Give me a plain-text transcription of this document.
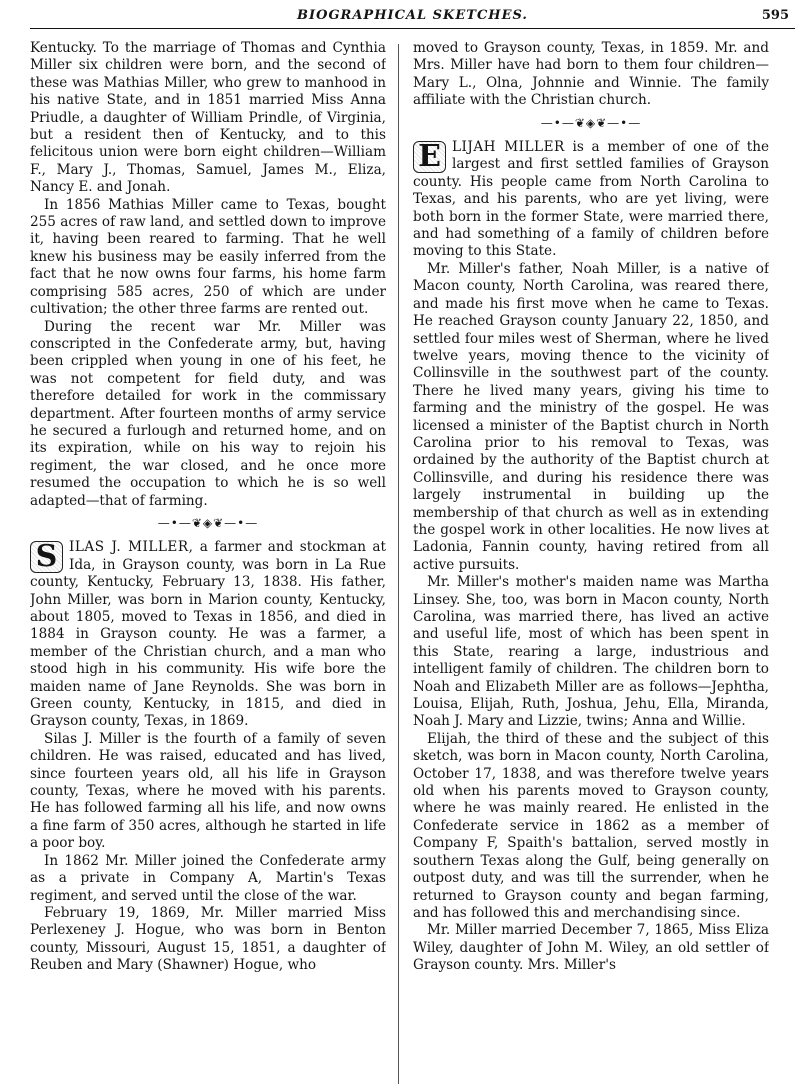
BIOGRAPHICAL SKETCHES.	595

Kentucky. To the marriage of Thomas and Cynthia Miller six children were born, and the second of these was Mathias Miller, who grew to manhood in his native State, and in 1851 married Miss Anna Priudle, a daughter of William Prindle, of Virginia, but a resident then of Kentucky, and to this felicitous union were born eight children—William F., Mary J., Thomas, Samuel, James M., Eliza, Nancy E. and Jonah.

In 1856 Mathias Miller came to Texas, bought 255 acres of raw land, and settled down to improve it, having been reared to farming. That he well knew his business may be easily inferred from the fact that he now owns four farms, his home farm comprising 585 acres, 250 of which are under cultivation; the other three farms are rented out.

During the recent war Mr. Miller was conscripted in the Confederate army, but, having been crippled when young in one of his feet, he was not competent for field duty, and was therefore detailed for work in the commissary department. After fourteen months of army service he secured a furlough and returned home, and on its expiration, while on his way to rejoin his regiment, the war closed, and he once more resumed the occupation to which he is so well adapted—that of farming.

—•—❦◈❦—•—

S ILAS J. MILLER, a farmer and stockman at Ida, in Grayson county, was born in La Rue county, Kentucky, February 13, 1838. His father, John Miller, was born in Marion county, Kentucky, about 1805, moved to Texas in 1856, and died in 1884 in Grayson county. He was a farmer, a member of the Christian church, and a man who stood high in his community. His wife bore the maiden name of Jane Reynolds. She was born in Green county, Kentucky, in 1815, and died in Grayson county, Texas, in 1869.

Silas J. Miller is the fourth of a family of seven children. He was raised, educated and has lived, since fourteen years old, all his life in Grayson county, Texas, where he moved with his parents. He has followed farming all his life, and now owns a fine farm of 350 acres, although he started in life a poor boy.

In 1862 Mr. Miller joined the Confederate army as a private in Company A, Martin's Texas regiment, and served until the close of the war.

February 19, 1869, Mr. Miller married Miss Perlexeney J. Hogue, who was born in Benton county, Missouri, August 15, 1851, a daughter of Reuben and Mary (Shawner) Hogue, who

moved to Grayson county, Texas, in 1859. Mr. and Mrs. Miller have had born to them four children—Mary L., Olna, Johnnie and Winnie. The family affiliate with the Christian church.

—•—❦◈❦—•—

E LIJAH MILLER is a member of one of the largest and first settled families of Grayson county. His people came from North Carolina to Texas, and his parents, who are yet living, were both born in the former State, were married there, and had something of a family of children before moving to this State.

Mr. Miller's father, Noah Miller, is a native of Macon county, North Carolina, was reared there, and made his first move when he came to Texas. He reached Grayson county January 22, 1850, and settled four miles west of Sherman, where he lived twelve years, moving thence to the vicinity of Collinsville in the southwest part of the county. There he lived many years, giving his time to farming and the ministry of the gospel. He was licensed a minister of the Baptist church in North Carolina prior to his removal to Texas, was ordained by the authority of the Baptist church at Collinsville, and during his residence there was largely instrumental in building up the membership of that church as well as in extending the gospel work in other localities. He now lives at Ladonia, Fannin county, having retired from all active pursuits.

Mr. Miller's mother's maiden name was Martha Linsey. She, too, was born in Macon county, North Carolina, was married there, has lived an active and useful life, most of which has been spent in this State, rearing a large, industrious and intelligent family of children. The children born to Noah and Elizabeth Miller are as follows—Jephtha, Louisa, Elijah, Ruth, Joshua, Jehu, Ella, Miranda, Noah J. Mary and Lizzie, twins; Anna and Willie.

Elijah, the third of these and the subject of this sketch, was born in Macon county, North Carolina, October 17, 1838, and was therefore twelve years old when his parents moved to Grayson county, where he was mainly reared. He enlisted in the Confederate service in 1862 as a member of Company F, Spaith's battalion, served mostly in southern Texas along the Gulf, being generally on outpost duty, and was till the surrender, when he returned to Grayson county and began farming, and has followed this and merchandising since.

Mr. Miller married December 7, 1865, Miss Eliza Wiley, daughter of John M. Wiley, an old settler of Grayson county. Mrs. Miller's
